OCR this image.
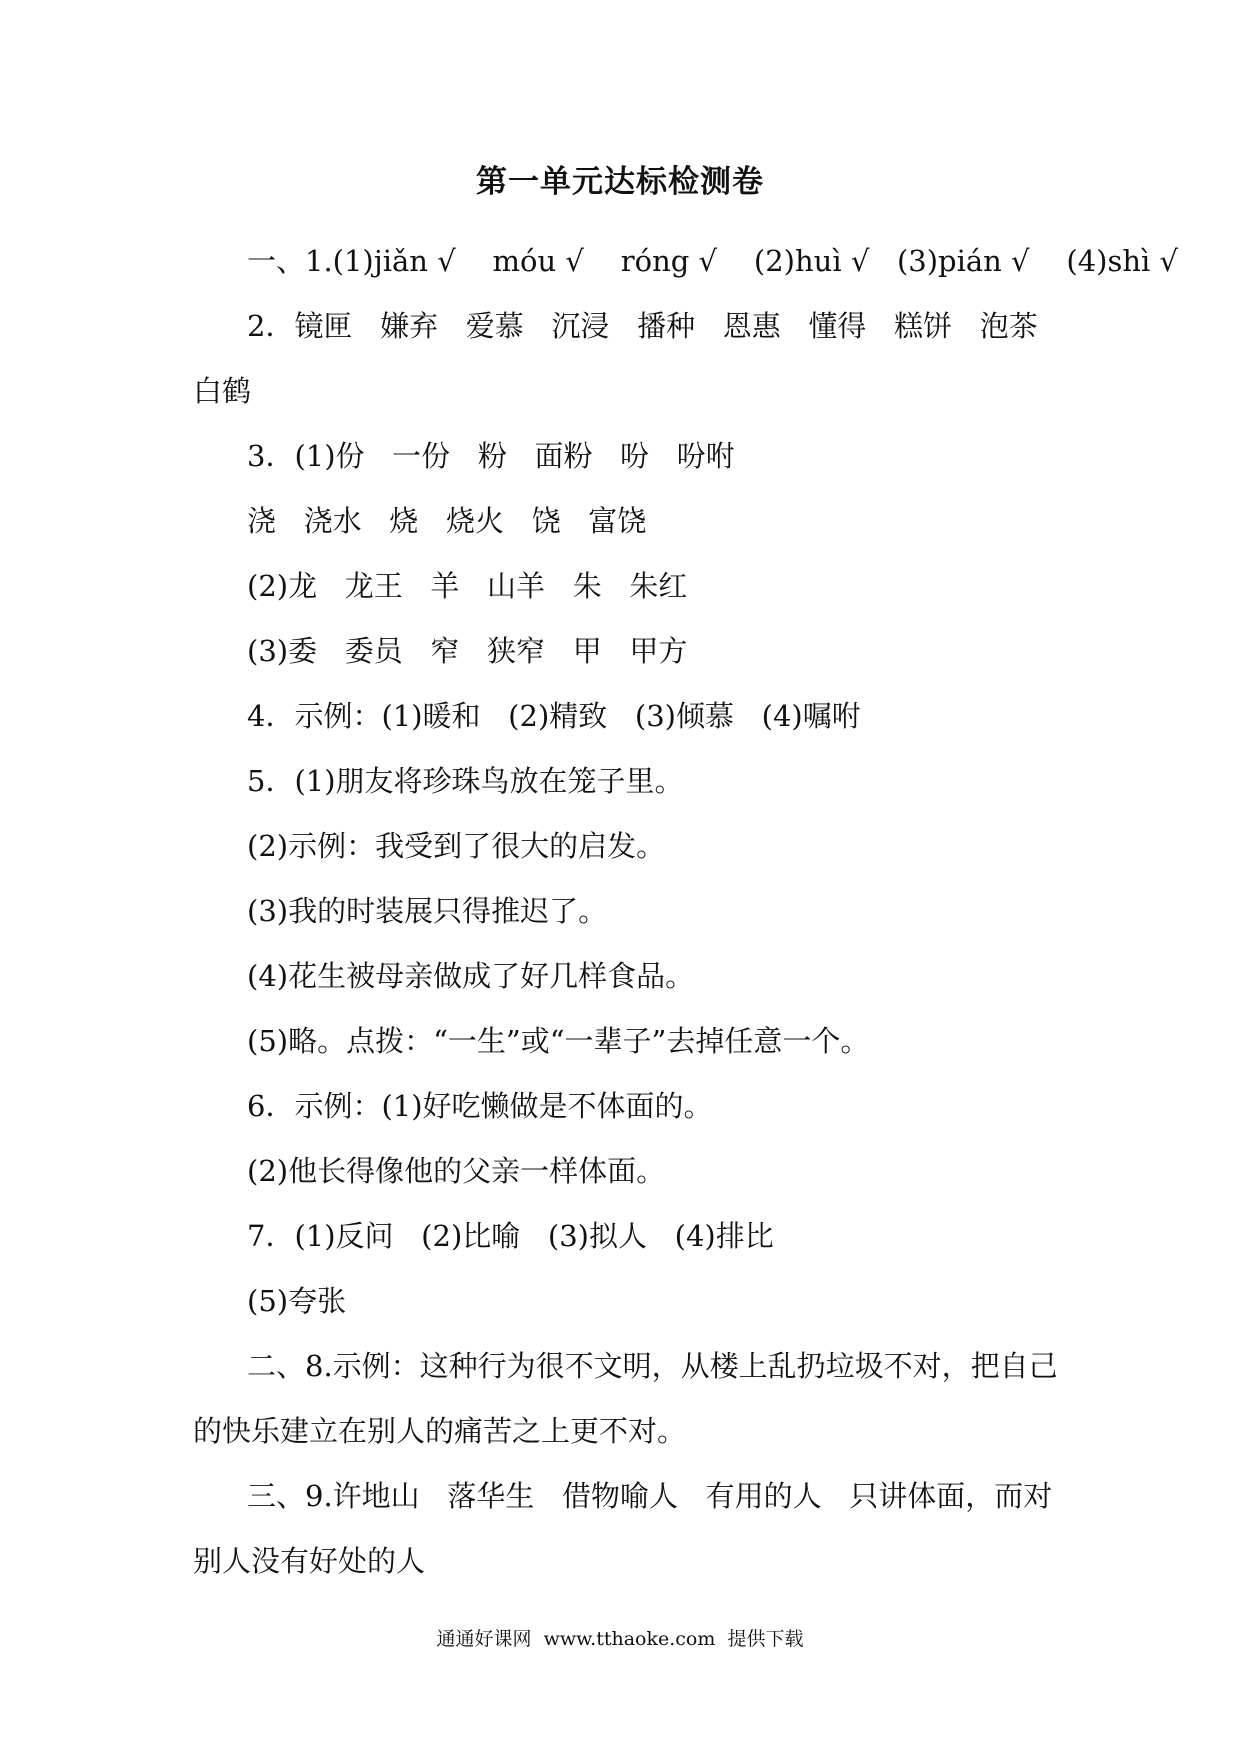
第一单元达标检测卷
一、1.(1)jiǎn √    móu √    róng √    (2)huì √   (3)pián √    (4)shì √
2．镜匣   嫌弃   爱慕   沉浸   播种   恩惠   懂得   糕饼   泡茶
白鹤
3．(1)份   一份   粉   面粉   吩   吩咐
浇   浇水   烧   烧火   饶   富饶
(2)龙   龙王   羊   山羊   朱   朱红
(3)委   委员   窄   狭窄   甲   甲方
4．示例：(1)暖和   (2)精致   (3)倾慕   (4)嘱咐
5．(1)朋友将珍珠鸟放在笼子里。
(2)示例：我受到了很大的启发。
(3)我的时装展只得推迟了。
(4)花生被母亲做成了好几样食品。
(5)略。点拨：“一生”或“一辈子”去掉任意一个。
6．示例：(1)好吃懒做是不体面的。
(2)他长得像他的父亲一样体面。
7．(1)反问   (2)比喻   (3)拟人   (4)排比
(5)夸张
二、8.示例：这种行为很不文明，从楼上乱扔垃圾不对，把自己
的快乐建立在别人的痛苦之上更不对。
三、9.许地山   落华生   借物喻人   有用的人   只讲体面，而对
别人没有好处的人
通通好课网  www.tthaoke.com  提供下载
